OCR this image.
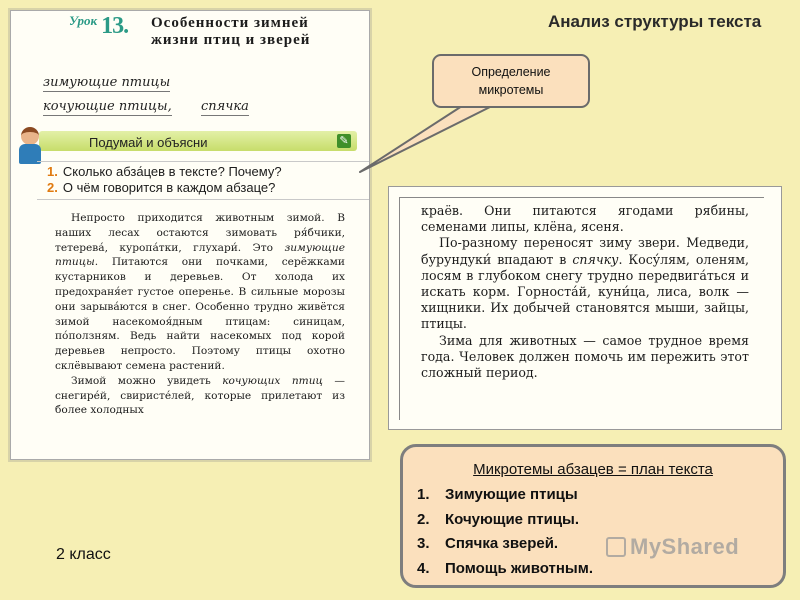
Анализ структуры текста
$^{Урок}$ 13. Особенности зимней жизни птиц и зверей
зимующие птицы
кочующие птицы, спячка
Подумай и объясни	✎
1. Сколько абза́цев в тексте? Почему?
2. О чём говорится в каждом абзаце?

Непросто приходится животным зимой. В наших лесах остаются зимовать ря́бчики, тетерева́, куропа́тки, глухари́. Это зимующие птицы. Питаются они почками, серёжками кустарников и деревьев. От холода их предохраня́ет густое оперенье. В сильные морозы они зарыва́ются в снег. Особенно трудно живётся зимой насекомоя́дным птицам: синицам, по́ползням. Ведь найти насекомых под корой деревьев непросто. Поэтому птицы охотно склёвывают семена растений.

Зимой можно увидеть кочующих птиц — снегире́й, свиристе́лей, которые прилетают из более холодных

Определение микротемы

краёв. Они питаются ягодами рябины, семенами липы, клёна, ясеня.

По-разному переносят зиму звери. Медведи, бурундуки́ впадают в спячку. Косу́лям, оленям, лосям в глубоком снегу трудно передвига́ться и искать корм. Горноста́й, куни́ца, лиса, волк — хищники. Их добычей становятся мыши, зайцы, птицы.

Зима для животных — самое трудное время года. Человек должен помочь им пережить этот сложный период.

Микротемы абзацев = план текста
1. Зимующие птицы
2. Кочующие птицы.
3. Спячка зверей.
4. Помощь животным.
2 класс	MyShared
